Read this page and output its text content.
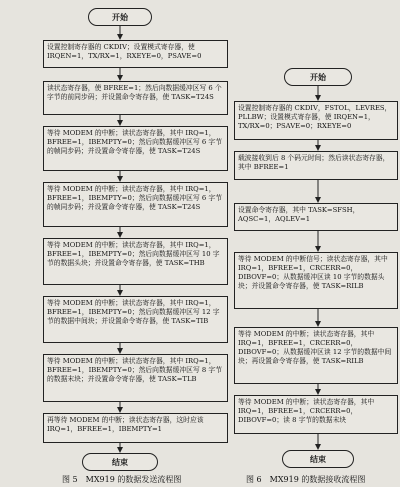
开始
设置控制寄存器的 CKDIV；设置模式寄存器，使 IRQEN=1，TX/RX=1，RXEYE=0，PSAVE=0
读状态寄存器，使 BFREE=1；然后向数据缓冲区写 6 个字节的前同步码；并设置命令寄存器，使 TASK=T24S
等待 MODEM 的中断；读状态寄存器，其中 IRQ=1，BFREE=1，IBEMPTY=0；然后向数据缓冲区写 6 字节的帧同步码；并设置命令寄存器，使 TASK=T24S
等待 MODEM 的中断；读状态寄存器，其中 IRQ=1，BFREE=1，IBEMPTY=0；然后向数据缓冲区写 6 字节的帧同步码；并设置命令寄存器，使 TASK=T24S
等待 MODEM 的中断；读状态寄存器，其中 IRQ=1，BFREE=1，IBEMPTY=0；然后向数据缓冲区写 10 字节的数据头块；并设置命令寄存器，使 TASK=THB
等待 MODEM 的中断；读状态寄存器，其中 IRQ=1，BFREE=1，IBEMPTY=0；然后向数据缓冲区写 12 字节的数据中间块；并设置命令寄存器，使 TASK=TIB
等待 MODEM 的中断；读状态寄存器，其中 IRQ=1，BFREE=1，IBEMPTY=0；然后向数据缓冲区写 8 字节的数据末块；并设置命令寄存器，使 TASK=TLB
再等待 MODEM 的中断；读状态寄存器，这时应该 IRQ=1，BFREE=1，IBEMPTY=1
结束
图 5　MX919 的数据发送流程图
开始
设置控制寄存器的 CKDIV，FSTOL，LEVRES，PLLBW；设置模式寄存器，使 IRQEN=1，TX/RX=0；PSAVE=0；RXEYE=0
载波接收到后 8 个码元时间；然后读状态寄存器，其中 BFREE=1
设置命令寄存器，其中 TASK=SFSH，AQSC=1，AQLEV=1
等待 MODEM 的中断信号；读状态寄存器，其中 IRQ=1，BFREE=1，CRCERR=0，DIBOVF=0；从数据缓冲区读 10 字节的数据头块；并设置命令寄存器，使 TASK=RILB
等待 MODEM 的中断；读状态寄存器，其中 IRQ=1，BFREE=1，CRCERR=0，DIBOVF=0；从数据缓冲区读 12 字节的数据中间块；再设置命令寄存器，使 TASK=RILB
等待 MODEM 的中断；读状态寄存器，其中 IRQ=1，BFREE=1，CRCERR=0，DIBOVF=0；读 8 字节的数据末块
结束
图 6　MX919 的数据接收流程图
